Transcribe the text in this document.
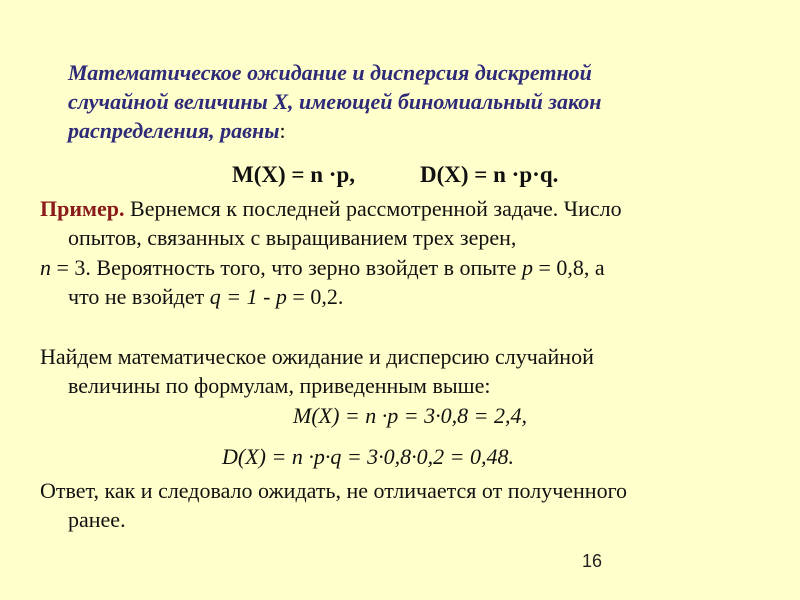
Математическое ожидание и дисперсия дискретной
случайной величины X, имеющей биномиальный закон
распределения, равны:
M(X) = n ·p,	D(X) = n ·p·q.
Пример. Вернемся к последней рассмотренной задаче. Число
опытов, связанных с выращиванием трех зерен,
n = 3. Вероятность того, что зерно взойдет в опыте p = 0,8, а
что не взойдет q = 1 - p = 0,2.
Найдем математическое ожидание и дисперсию случайной
величины по формулам, приведенным выше:
M(X) = n ·p = 3·0,8 = 2,4,
D(X) = n ·p·q = 3·0,8·0,2 = 0,48.
Ответ, как и следовало ожидать, не отличается от полученного
ранее.
16
